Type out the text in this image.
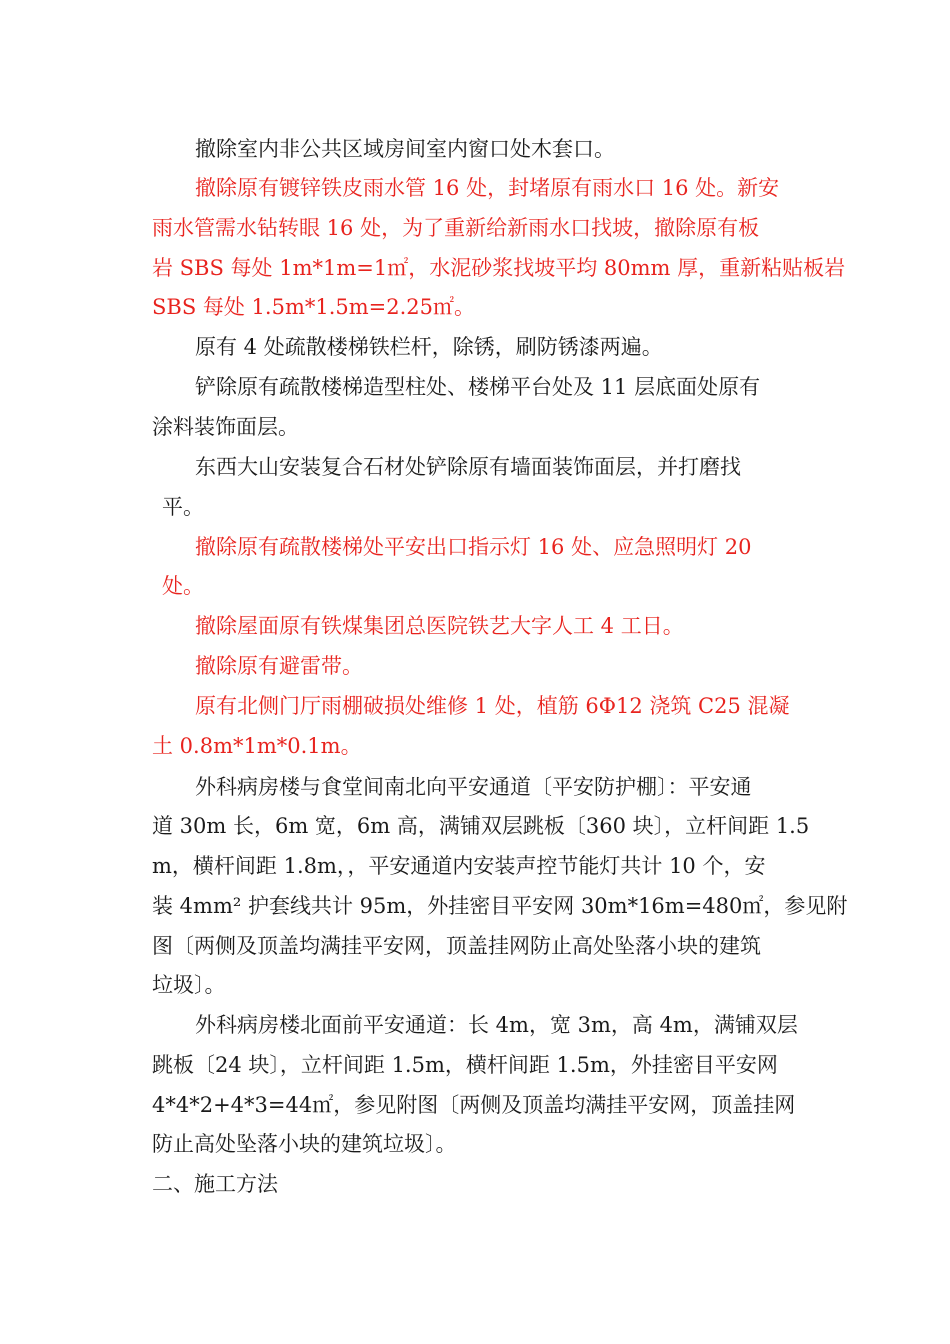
撤除室内非公共区域房间室内窗口处木套口。
撤除原有镀锌铁皮雨水管 16 处，封堵原有雨水口 16 处。新安
雨水管需水钻转眼 16 处，为了重新给新雨水口找坡，撤除原有板
岩 SBS 每处 1m*1m=1㎡，水泥砂浆找坡平均 80mm 厚，重新粘贴板岩
SBS 每处 1.5m*1.5m=2.25㎡。
原有 4 处疏散楼梯铁栏杆，除锈，刷防锈漆两遍。
铲除原有疏散楼梯造型柱处、楼梯平台处及 11 层底面处原有
涂料装饰面层。
东西大山安装复合石材处铲除原有墙面装饰面层，并打磨找
平。
撤除原有疏散楼梯处平安出口指示灯 16 处、应急照明灯 20
处。
撤除屋面原有铁煤集团总医院铁艺大字人工 4 工日。
撤除原有避雷带。
原有北侧门厅雨棚破损处维修 1 处，植筋 6Φ12 浇筑 C25 混凝
土 0.8m*1m*0.1m。
外科病房楼与食堂间南北向平安通道〔平安防护棚〕：平安通
道 30m 长，6m 宽，6m 高，满铺双层跳板〔360 块〕，立杆间距 1.5
m，横杆间距 1.8m，，平安通道内安装声控节能灯共计 10 个，安
装 4mm² 护套线共计 95m，外挂密目平安网 30m*16m=480㎡，参见附
图〔两侧及顶盖均满挂平安网，顶盖挂网防止高处坠落小块的建筑
垃圾〕。
外科病房楼北面前平安通道：长 4m，宽 3m，高 4m，满铺双层
跳板〔24 块〕，立杆间距 1.5m，横杆间距 1.5m，外挂密目平安网
4*4*2+4*3=44㎡，参见附图〔两侧及顶盖均满挂平安网，顶盖挂网
防止高处坠落小块的建筑垃圾〕。
二、施工方法
